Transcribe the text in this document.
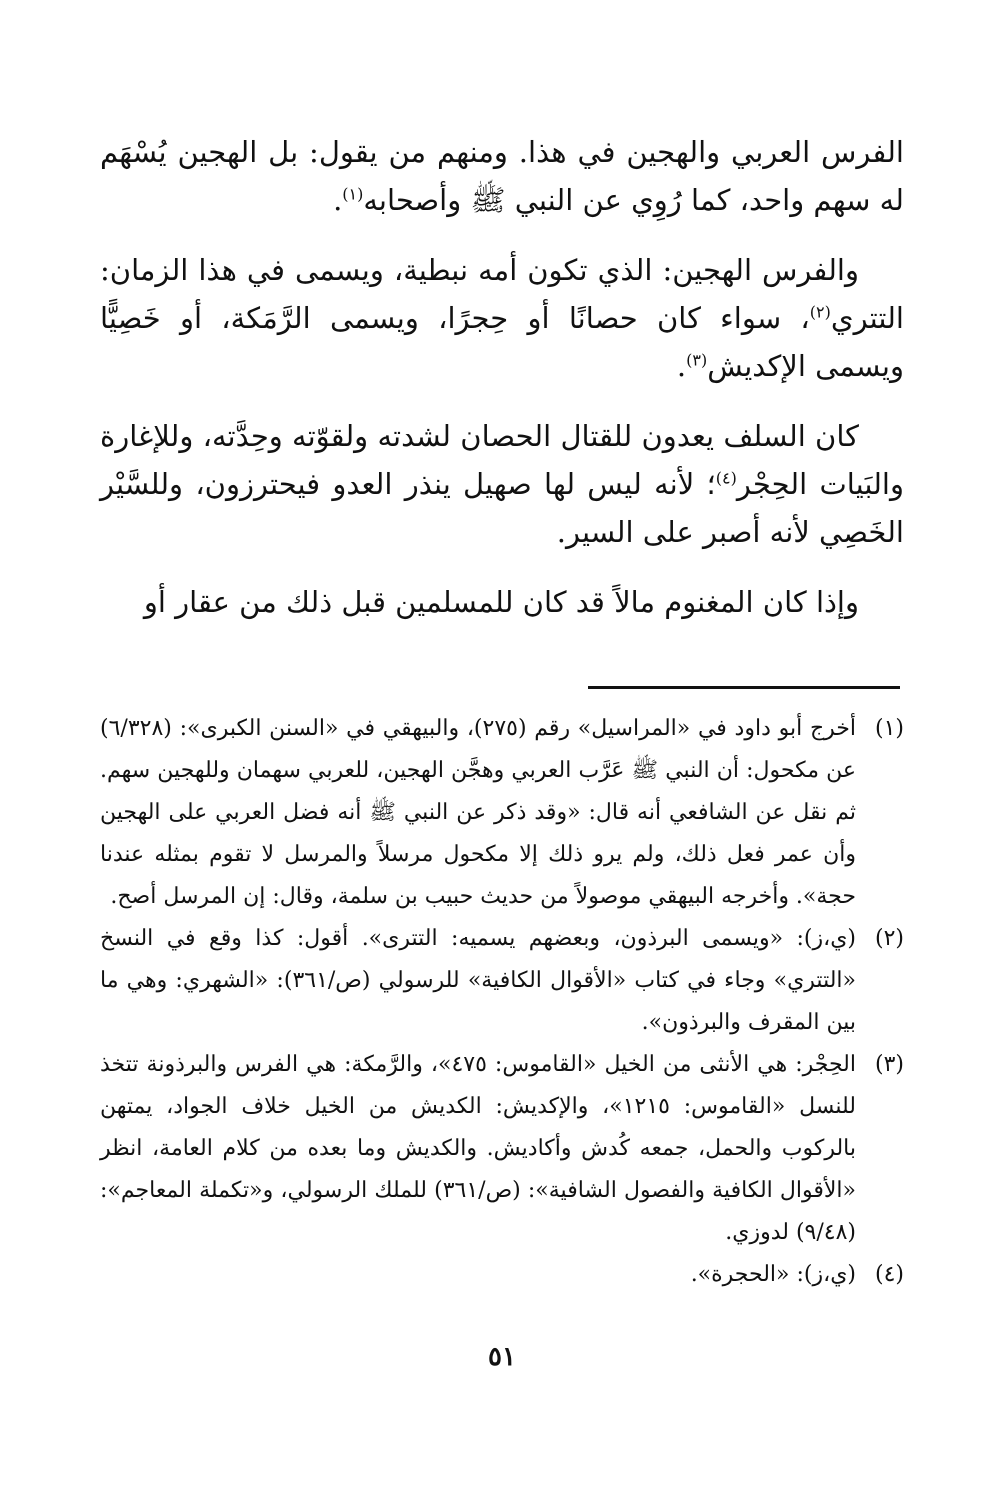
الفرس العربي والهجين في هذا. ومنهم من يقول: بل الهجين يُسْهَم له سهم واحد، كما رُوِي عن النبي ﷺ وأصحابه$^{(١)}$.

والفرس الهجين: الذي تكون أمه نبطية، ويسمى في هذا الزمان: التتري$^{(٢)}$، سواء كان حصانًا أو حِجرًا، ويسمى الرَّمَكة، أو خَصِيًّا ويسمى الإكديش$^{(٣)}$.

كان السلف يعدون للقتال الحصان لشدته ولقوّته وحِدَّته، وللإغارة والبَيات الحِجْر$^{(٤)}$؛ لأنه ليس لها صهيل ينذر العدو فيحترزون، وللسَّيْر الخَصِي لأنه أصبر على السير.

وإذا كان المغنوم مالاً قد كان للمسلمين قبل ذلك من عقار أو

(١)
أخرج أبو داود في «المراسيل» رقم (٢٧٥)، والبيهقي في «السنن الكبرى»: (٦/٣٢٨) عن مكحول: أن النبي ﷺ عَرَّب العربي وهجَّن الهجين، للعربي سهمان وللهجين سهم. ثم نقل عن الشافعي أنه قال: «وقد ذكر عن النبي ﷺ أنه فضل العربي على الهجين وأن عمر فعل ذلك، ولم يرو ذلك إلا مكحول مرسلاً والمرسل لا تقوم بمثله عندنا حجة». وأخرجه البيهقي موصولاً من حديث حبيب بن سلمة، وقال: إن المرسل أصح.
(٢)
(ي،ز): «ويسمى البرذون، وبعضهم يسميه: التترى». أقول: كذا وقع في النسخ «التتري» وجاء في كتاب «الأقوال الكافية» للرسولي (ص/٣٦١): «الشهري: وهي ما بين المقرف والبرذون».
(٣)
الحِجْر: هي الأنثى من الخيل «القاموس: ٤٧٥»، والرَّمكة: هي الفرس والبرذونة تتخذ للنسل «القاموس: ١٢١٥»، والإكديش: الكديش من الخيل خلاف الجواد، يمتهن بالركوب والحمل، جمعه كُدش وأكاديش. والكديش وما بعده من كلام العامة، انظر «الأقوال الكافية والفصول الشافية»: (ص/٣٦١) للملك الرسولي، و«تكملة المعاجم»: (٩/٤٨) لدوزي.
(٤)
(ي،ز): «الحجرة».
٥١
